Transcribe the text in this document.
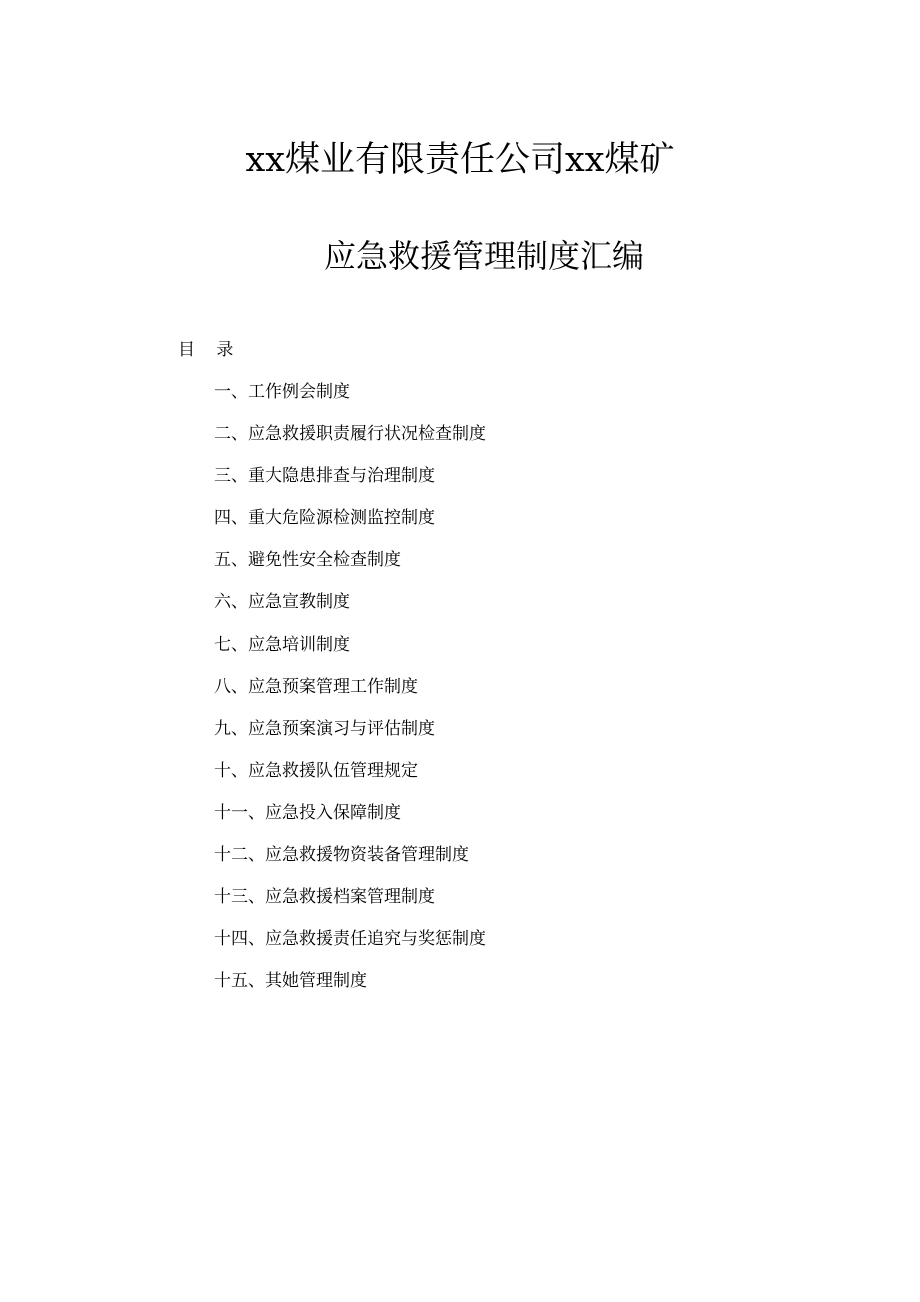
xx煤业有限责任公司xx煤矿
应急救援管理制度汇编
目 录
一、工作例会制度
二、应急救援职责履行状况检查制度
三、重大隐患排查与治理制度
四、重大危险源检测监控制度
五、避免性安全检查制度
六、应急宣教制度
七、应急培训制度
八、应急预案管理工作制度
九、应急预案演习与评估制度
十、应急救援队伍管理规定
十一、应急投入保障制度
十二、应急救援物资装备管理制度
十三、应急救援档案管理制度
十四、应急救援责任追究与奖惩制度
十五、其她管理制度
